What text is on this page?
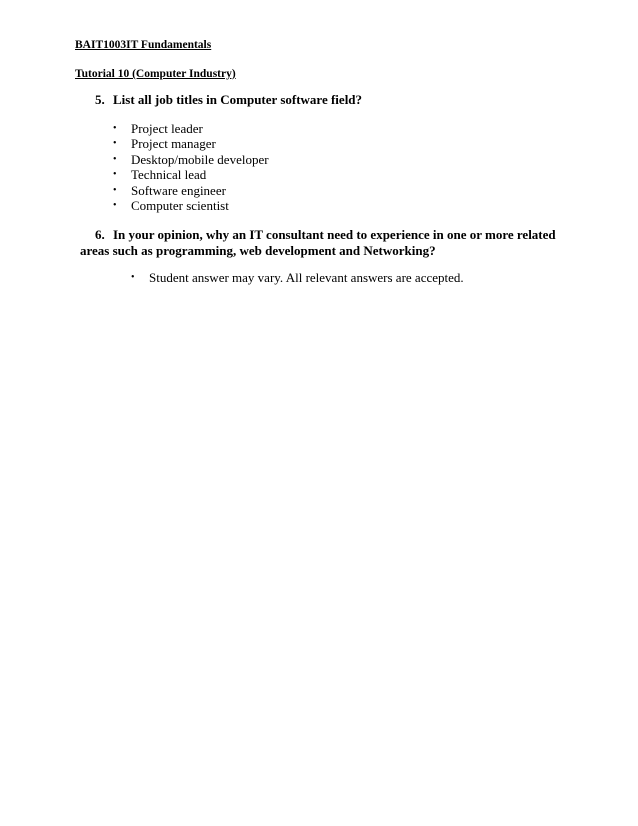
BAIT1003IT Fundamentals
Tutorial 10 (Computer Industry)
5. List all job titles in Computer software field?
• Project leader
• Project manager
• Desktop/mobile developer
• Technical lead
• Software engineer
• Computer scientist
6. In your opinion, why an IT consultant need to experience in one or more related
areas such as programming, web development and Networking?
• Student answer may vary. All relevant answers are accepted.
